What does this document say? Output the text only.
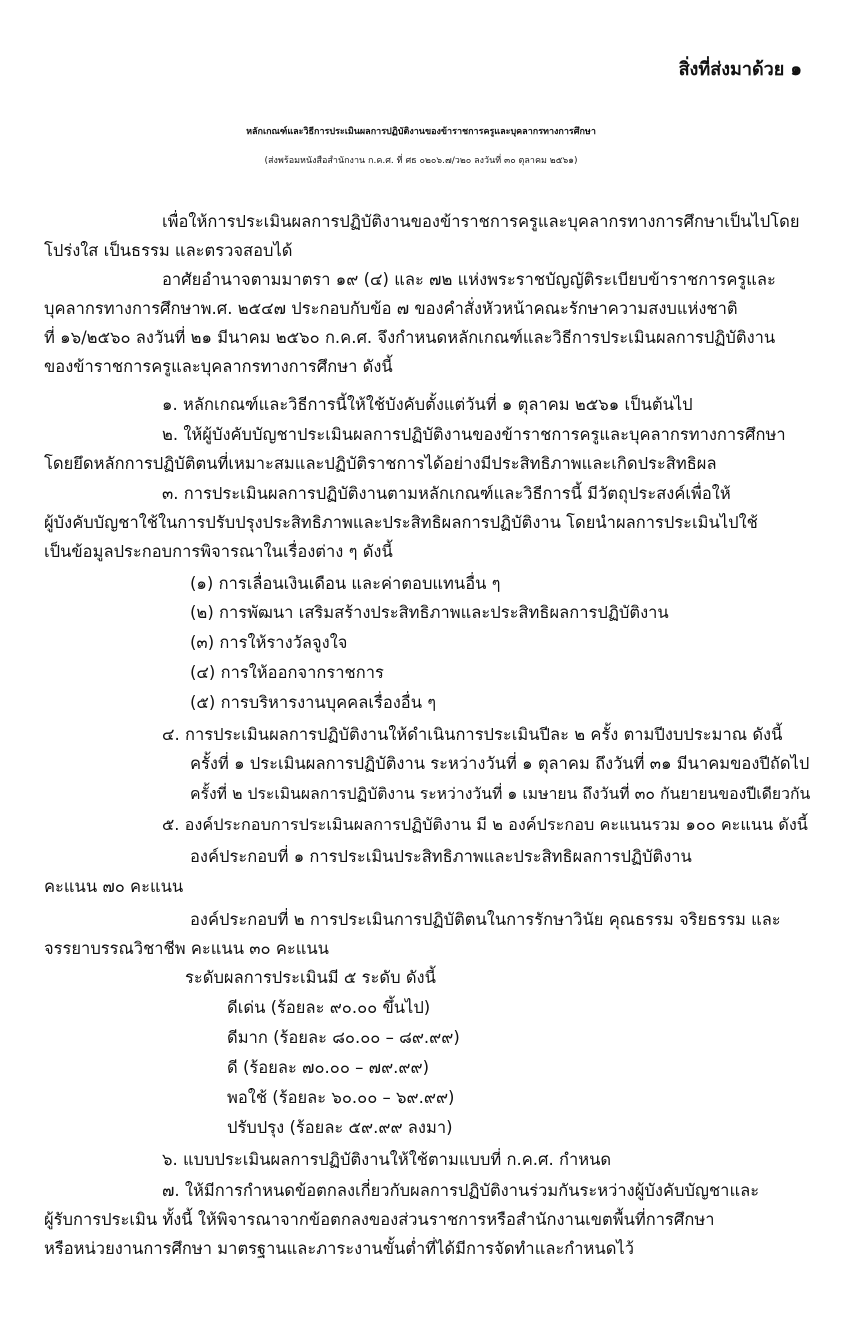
สิ่งที่ส่งมาด้วย ๑
หลักเกณฑ์และวิธีการประเมินผลการปฏิบัติงานของข้าราชการครูและบุคลากรทางการศึกษา
(ส่งพร้อมหนังสือสำนักงาน ก.ค.ศ. ที่ ศธ ๐๒๐๖.๗/ว๒๐ ลงวันที่ ๓๐ ตุลาคม ๒๕๖๑)
เพื่อให้การประเมินผลการปฏิบัติงานของข้าราชการครูและบุคลากรทางการศึกษาเป็นไปโดย
โปร่งใส เป็นธรรม และตรวจสอบได้
อาศัยอำนาจตามมาตรา ๑๙ (๔) และ ๗๒ แห่งพระราชบัญญัติระเบียบข้าราชการครูและ
บุคลากรทางการศึกษาพ.ศ. ๒๕๔๗ ประกอบกับข้อ ๗ ของคำสั่งหัวหน้าคณะรักษาความสงบแห่งชาติ
ที่ ๑๖/๒๕๖๐ ลงวันที่ ๒๑ มีนาคม ๒๕๖๐ ก.ค.ศ. จึงกำหนดหลักเกณฑ์และวิธีการประเมินผลการปฏิบัติงาน
ของข้าราชการครูและบุคลากรทางการศึกษา ดังนี้
๑. หลักเกณฑ์และวิธีการนี้ให้ใช้บังคับตั้งแต่วันที่ ๑ ตุลาคม ๒๕๖๑ เป็นต้นไป
๒. ให้ผู้บังคับบัญชาประเมินผลการปฏิบัติงานของข้าราชการครูและบุคลากรทางการศึกษา
โดยยึดหลักการปฏิบัติตนที่เหมาะสมและปฏิบัติราชการได้อย่างมีประสิทธิภาพและเกิดประสิทธิผล
๓. การประเมินผลการปฏิบัติงานตามหลักเกณฑ์และวิธีการนี้ มีวัตถุประสงค์เพื่อให้
ผู้บังคับบัญชาใช้ในการปรับปรุงประสิทธิภาพและประสิทธิผลการปฏิบัติงาน โดยนำผลการประเมินไปใช้
เป็นข้อมูลประกอบการพิจารณาในเรื่องต่าง ๆ ดังนี้
(๑) การเลื่อนเงินเดือน และค่าตอบแทนอื่น ๆ
(๒) การพัฒนา เสริมสร้างประสิทธิภาพและประสิทธิผลการปฏิบัติงาน
(๓) การให้รางวัลจูงใจ
(๔) การให้ออกจากราชการ
(๕) การบริหารงานบุคคลเรื่องอื่น ๆ
๔. การประเมินผลการปฏิบัติงานให้ดำเนินการประเมินปีละ ๒ ครั้ง ตามปีงบประมาณ ดังนี้
ครั้งที่ ๑ ประเมินผลการปฏิบัติงาน ระหว่างวันที่ ๑ ตุลาคม ถึงวันที่ ๓๑ มีนาคมของปีถัดไป
ครั้งที่ ๒ ประเมินผลการปฏิบัติงาน ระหว่างวันที่ ๑ เมษายน ถึงวันที่ ๓๐ กันยายนของปีเดียวกัน
๕. องค์ประกอบการประเมินผลการปฏิบัติงาน มี ๒ องค์ประกอบ คะแนนรวม ๑๐๐ คะแนน ดังนี้
องค์ประกอบที่ ๑ การประเมินประสิทธิภาพและประสิทธิผลการปฏิบัติงาน
คะแนน ๗๐ คะแนน
องค์ประกอบที่ ๒ การประเมินการปฏิบัติตนในการรักษาวินัย คุณธรรม จริยธรรม และ
จรรยาบรรณวิชาชีพ คะแนน ๓๐ คะแนน
ระดับผลการประเมินมี ๕ ระดับ ดังนี้
ดีเด่น (ร้อยละ ๙๐.๐๐ ขึ้นไป)
ดีมาก (ร้อยละ ๘๐.๐๐ – ๘๙.๙๙)
ดี (ร้อยละ ๗๐.๐๐ – ๗๙.๙๙)
พอใช้ (ร้อยละ ๖๐.๐๐ – ๖๙.๙๙)
ปรับปรุง (ร้อยละ ๕๙.๙๙ ลงมา)
๖. แบบประเมินผลการปฏิบัติงานให้ใช้ตามแบบที่ ก.ค.ศ. กำหนด
๗. ให้มีการกำหนดข้อตกลงเกี่ยวกับผลการปฏิบัติงานร่วมกันระหว่างผู้บังคับบัญชาและ
ผู้รับการประเมิน ทั้งนี้ ให้พิจารณาจากข้อตกลงของส่วนราชการหรือสำนักงานเขตพื้นที่การศึกษา
หรือหน่วยงานการศึกษา มาตรฐานและภาระงานขั้นต่ำที่ได้มีการจัดทำและกำหนดไว้
